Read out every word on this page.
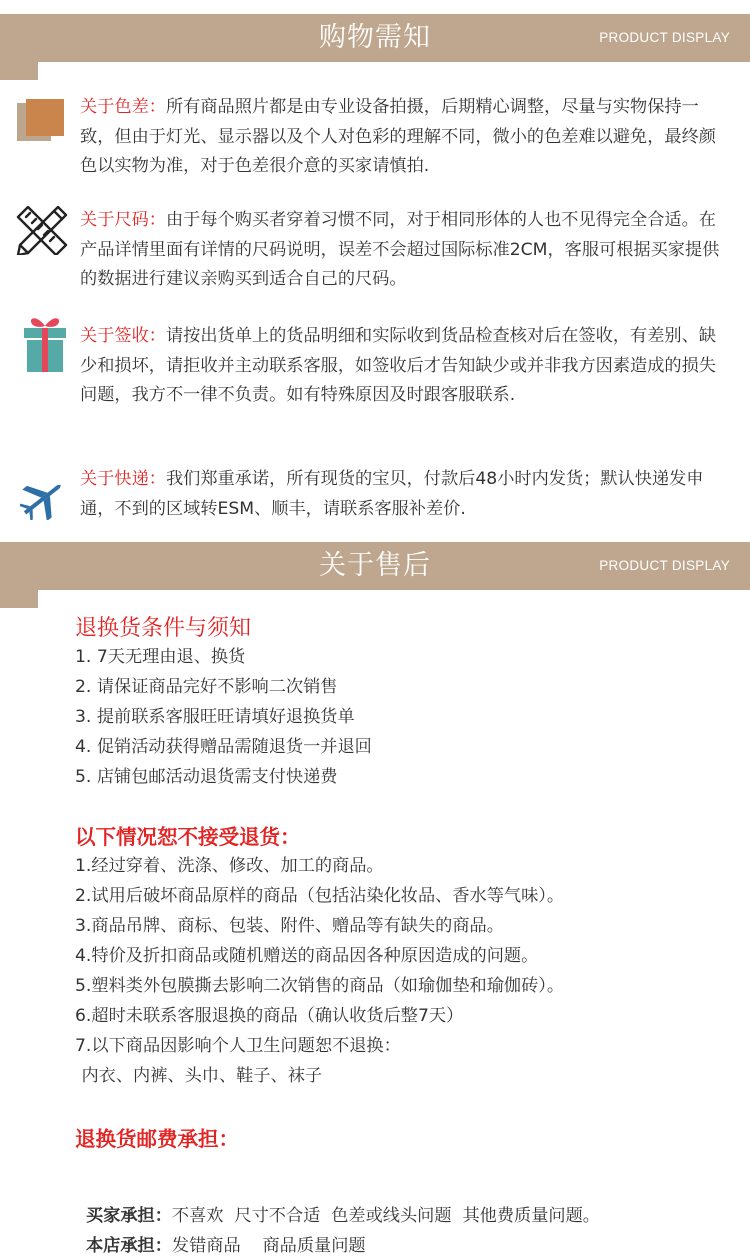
购物需知	PRODUCT DISPLAY
关于色差：所有商品照片都是由专业设备拍摄，后期精心调整，尽量与实物保持一致，但由于灯光、显示器以及个人对色彩的理解不同，微小的色差难以避免，最终颜色以实物为准，对于色差很介意的买家请慎拍.
关于尺码：由于每个购买者穿着习惯不同，对于相同形体的人也不见得完全合适。在产品详情里面有详情的尺码说明，误差不会超过国际标准2CM，客服可根据买家提供的数据进行建议亲购买到适合自己的尺码。
关于签收：请按出货单上的货品明细和实际收到货品检查核对后在签收，有差别、缺少和损坏，请拒收并主动联系客服，如签收后才告知缺少或并非我方因素造成的损失问题，我方不一律不负责。如有特殊原因及时跟客服联系.
关于快递：我们郑重承诺，所有现货的宝贝，付款后48小时内发货；默认快递发申通，不到的区域转ESM、顺丰，请联系客服补差价.
关于售后	PRODUCT DISPLAY
退换货条件与须知
1. 7天无理由退、换货
2. 请保证商品完好不影响二次销售
3. 提前联系客服旺旺请填好退换货单
4. 促销活动获得赠品需随退货一并退回
5. 店铺包邮活动退货需支付快递费
以下情况恕不接受退货：
1.经过穿着、洗涤、修改、加工的商品。
2.试用后破坏商品原样的商品（包括沾染化妆品、香水等气味）。
3.商品吊牌、商标、包装、附件、赠品等有缺失的商品。
4.特价及折扣商品或随机赠送的商品因各种原因造成的问题。
5.塑料类外包膜撕去影响二次销售的商品（如瑜伽垫和瑜伽砖）。
6.超时未联系客服退换的商品（确认收货后整7天）
7.以下商品因影响个人卫生问题恕不退换：
内衣、内裤、头巾、鞋子、袜子
退换货邮费承担：

买家承担：不喜欢  尺寸不合适  色差或线头问题  其他费质量问题。

本店承担：发错商品    商品质量问题
